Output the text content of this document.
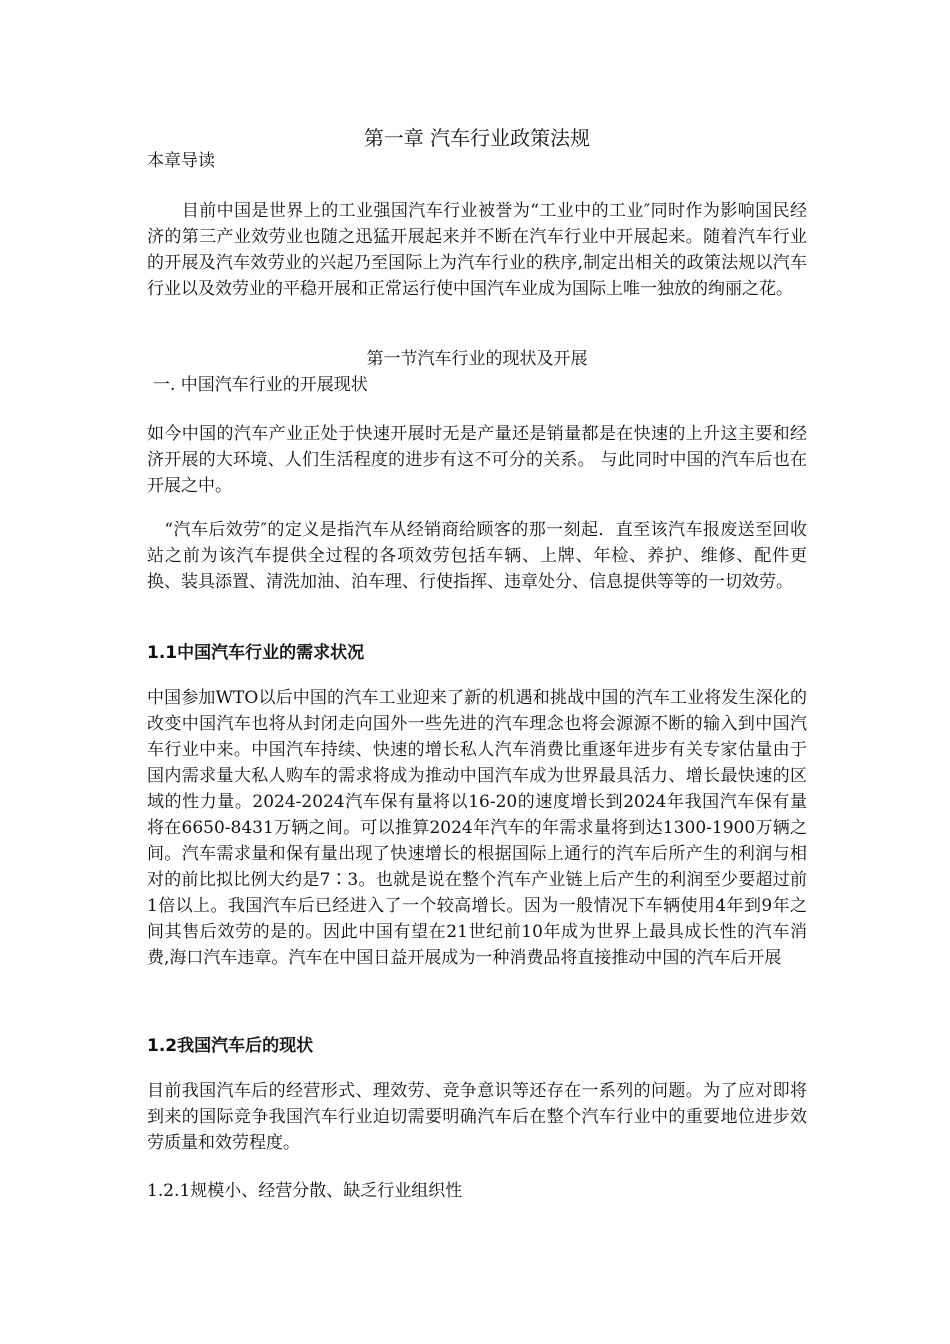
第一章 汽车行业政策法规
本章导读

　　目前中国是世界上的工业强国汽车行业被誉为“工业中的工业″同时作为影响国民经济的第三产业效劳业也随之迅猛开展起来并不断在汽车行业中开展起来。随着汽车行业的开展及汽车效劳业的兴起乃至国际上为汽车行业的秩序,制定出相关的政策法规以汽车行业以及效劳业的平稳开展和正常运行使中国汽车业成为国际上唯一独放的绚丽之花。

第一节汽车行业的现状及开展
一. 中国汽车行业的开展现状

如今中国的汽车产业正处于快速开展时无是产量还是销量都是在快速的上升这主要和经济开展的大环境、人们生活程度的进步有这不可分的关系。 与此同时中国的汽车后也在开展之中。

　“汽车后效劳″的定义是指汽车从经销商给顾客的那一刻起．直至该汽车报废送至回收站之前为该汽车提供全过程的各项效劳包括车辆、上牌、年检、养护、维修、配件更换、装具添置、清洗加油、泊车理、行使指挥、违章处分、信息提供等等的一切效劳。

1.1中国汽车行业的需求状况

中国参加WTO以后中国的汽车工业迎来了新的机遇和挑战中国的汽车工业将发生深化的改变中国汽车也将从封闭走向国外一些先进的汽车理念也将会源源不断的输入到中国汽车行业中来。中国汽车持续、快速的增长私人汽车消费比重逐年进步有关专家估量由于国内需求量大私人购车的需求将成为推动中国汽车成为世界最具活力、增长最快速的区域的性力量。2024-2024汽车保有量将以16-20的速度增长到2024年我国汽车保有量将在6650-8431万辆之间。可以推算2024年汽车的年需求量将到达1300-1900万辆之间。汽车需求量和保有量出现了快速增长的根据国际上通行的汽车后所产生的利润与相对的前比拟比例大约是7∶3。也就是说在整个汽车产业链上后产生的利润至少要超过前1倍以上。我国汽车后已经进入了一个较高增长。因为一般情况下车辆使用4年到9年之间其售后效劳的是的。因此中国有望在21世纪前10年成为世界上最具成长性的汽车消费,海口汽车违章。汽车在中国日益开展成为一种消费品将直接推动中国的汽车后开展

1.2我国汽车后的现状

目前我国汽车后的经营形式、理效劳、竞争意识等还存在一系列的问题。为了应对即将到来的国际竞争我国汽车行业迫切需要明确汽车后在整个汽车行业中的重要地位进步效劳质量和效劳程度。

1.2.1规模小、经营分散、缺乏行业组织性
